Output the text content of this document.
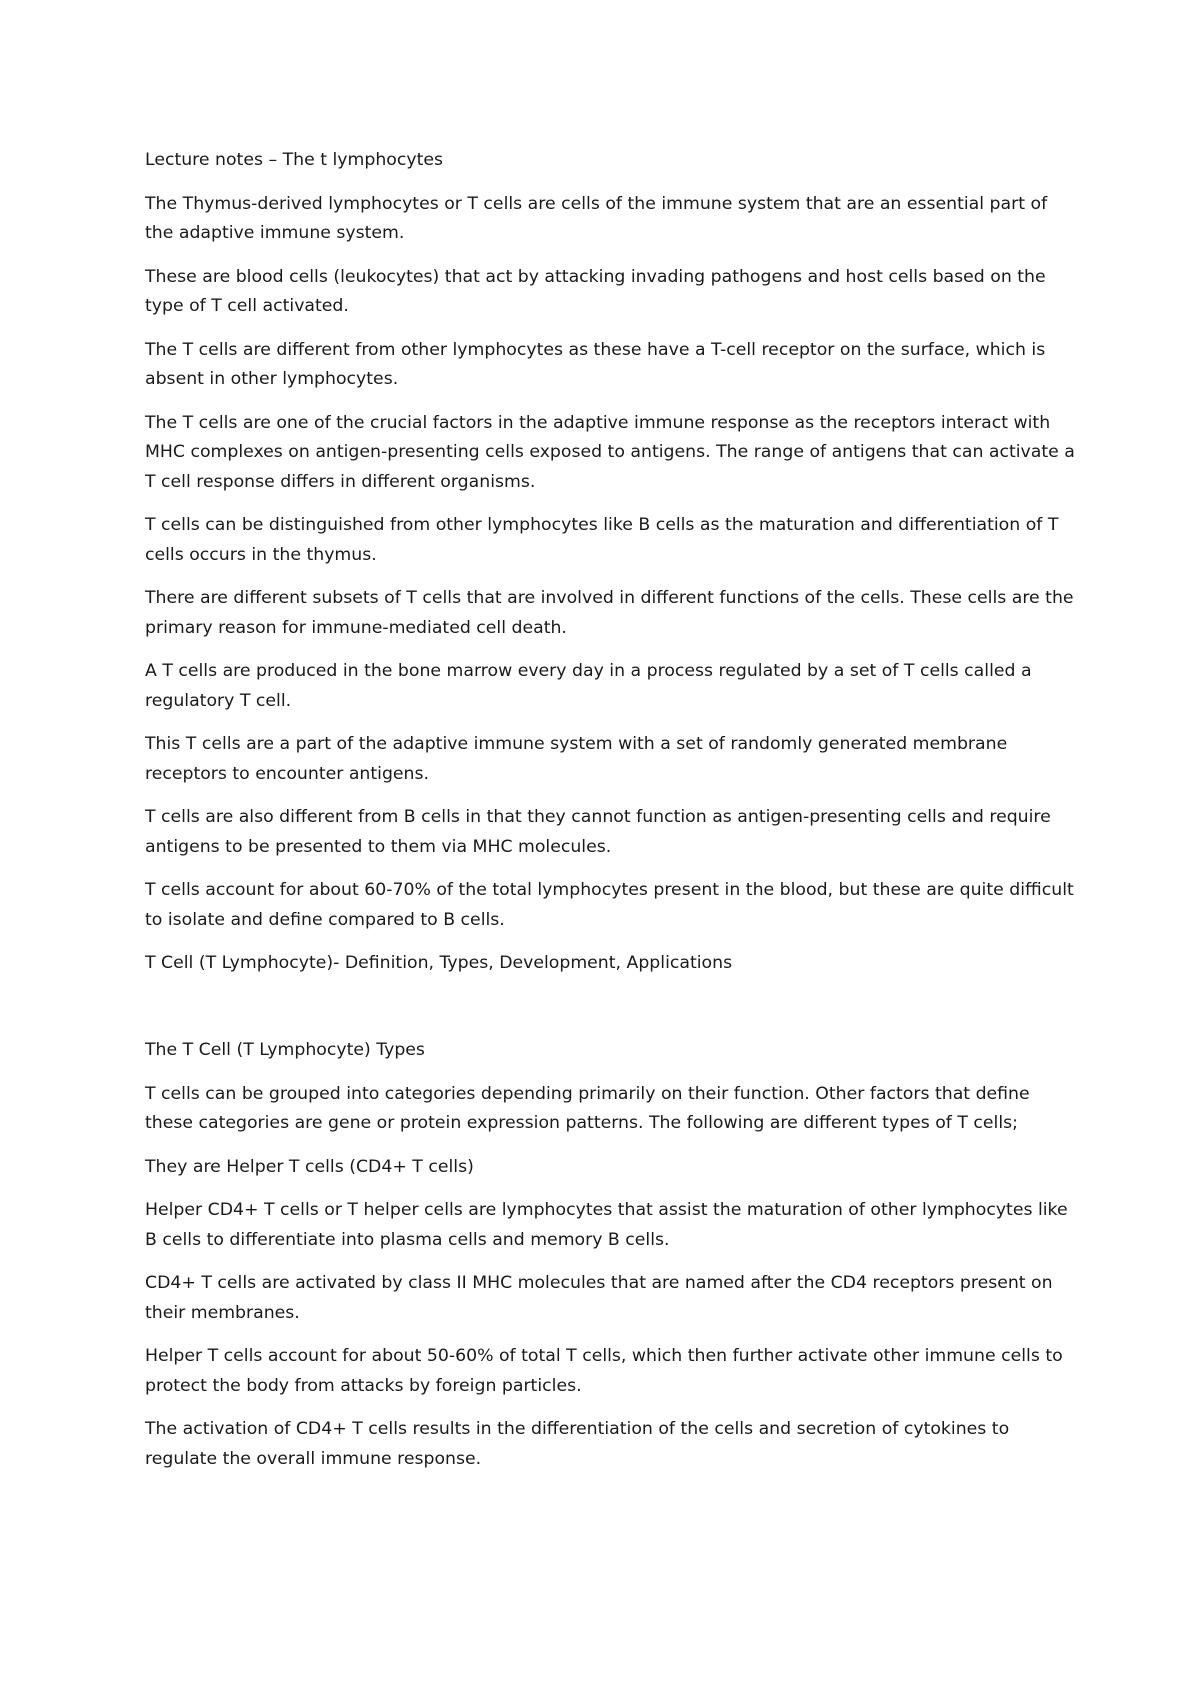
Lecture notes – The t lymphocytes

The Thymus-derived lymphocytes or T cells are cells of the immune system that are an essential part of the adaptive immune system.

These are blood cells (leukocytes) that act by attacking invading pathogens and host cells based on the type of T cell activated.

The T cells are different from other lymphocytes as these have a T-cell receptor on the surface, which is absent in other lymphocytes.

The T cells are one of the crucial factors in the adaptive immune response as the receptors interact with MHC complexes on antigen-presenting cells exposed to antigens. The range of antigens that can activate a T cell response differs in different organisms.

T cells can be distinguished from other lymphocytes like B cells as the maturation and differentiation of T cells occurs in the thymus.

There are different subsets of T cells that are involved in different functions of the cells. These cells are the primary reason for immune-mediated cell death.

A T cells are produced in the bone marrow every day in a process regulated by a set of T cells called a regulatory T cell.

This T cells are a part of the adaptive immune system with a set of randomly generated membrane receptors to encounter antigens.

T cells are also different from B cells in that they cannot function as antigen-presenting cells and require antigens to be presented to them via MHC molecules.

T cells account for about 60-70% of the total lymphocytes present in the blood, but these are quite difficult to isolate and define compared to B cells.

T Cell (T Lymphocyte)- Definition, Types, Development, Applications

The T Cell (T Lymphocyte) Types

T cells can be grouped into categories depending primarily on their function. Other factors that define these categories are gene or protein expression patterns. The following are different types of T cells;

They are Helper T cells (CD4+ T cells)

Helper CD4+ T cells or T helper cells are lymphocytes that assist the maturation of other lymphocytes like B cells to differentiate into plasma cells and memory B cells.

CD4+ T cells are activated by class II MHC molecules that are named after the CD4 receptors present on their membranes.

Helper T cells account for about 50-60% of total T cells, which then further activate other immune cells to protect the body from attacks by foreign particles.

The activation of CD4+ T cells results in the differentiation of the cells and secretion of cytokines to regulate the overall immune response.
